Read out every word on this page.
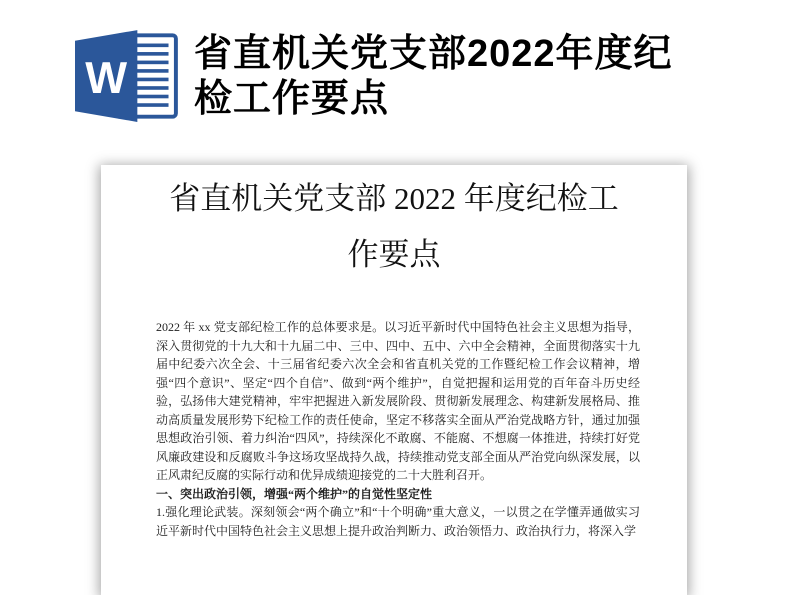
W
省直机关党支部2022年度纪
检工作要点
省直机关党支部 2022 年度纪检工
作要点

2022 年 xx 党支部纪检工作的总体要求是。以习近平新时代中国特色社会主义思想为指导，深入贯彻党的十九大和十九届二中、三中、四中、五中、六中全会精神，全面贯彻落实十九届中纪委六次全会、十三届省纪委六次全会和省直机关党的工作暨纪检工作会议精神，增强“四个意识”、坚定“四个自信”、做到“两个维护”，自觉把握和运用党的百年奋斗历史经验，弘扬伟大建党精神，牢牢把握进入新发展阶段、贯彻新发展理念、构建新发展格局、推动高质量发展形势下纪检工作的责任使命，坚定不移落实全面从严治党战略方针，通过加强思想政治引领、着力纠治“四风”，持续深化不敢腐、不能腐、不想腐一体推进，持续打好党风廉政建设和反腐败斗争这场攻坚战持久战，持续推动党支部全面从严治党向纵深发展，以正风肃纪反腐的实际行动和优异成绩迎接党的二十大胜利召开。

一、突出政治引领，增强“两个维护”的自觉性坚定性

1.强化理论武装。深刻领会“两个确立”和“十个明确”重大意义，一以贯之在学懂弄通做实习近平新时代中国特色社会主义思想上提升政治判断力、政治领悟力、政治执行力，将深入学
